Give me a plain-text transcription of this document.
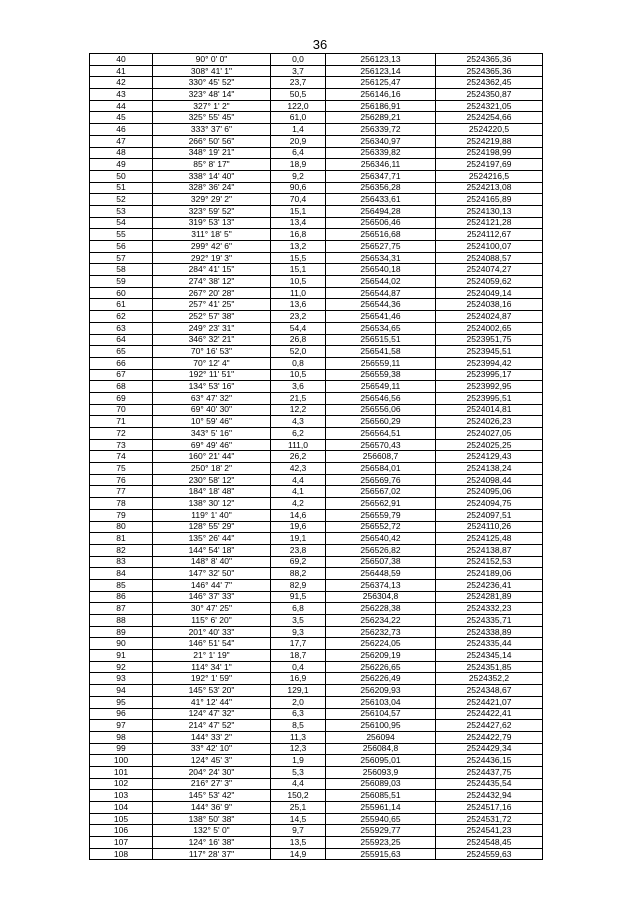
36
40	90° 0' 0"	0,0	256123,13	2524365,36
41	308° 41' 1"	3,7	256123,14	2524365,36
42	330° 45' 52"	23,7	256125,47	2524362,45
43	323° 48' 14"	50,5	256146,16	2524350,87
44	327° 1' 2"	122,0	256186,91	2524321,05
45	325° 55' 45"	61,0	256289,21	2524254,66
46	333° 37' 6"	1,4	256339,72	2524220,5
47	266° 50' 56"	20,9	256340,97	2524219,88
48	348° 19' 21"	6,4	256339,82	2524198,99
49	85° 8' 17"	18,9	256346,11	2524197,69
50	338° 14' 40"	9,2	256347,71	2524216,5
51	328° 36' 24"	90,6	256356,28	2524213,08
52	329° 29' 2"	70,4	256433,61	2524165,89
53	323° 59' 52"	15,1	256494,28	2524130,13
54	319° 53' 13"	13,4	256506,46	2524121,28
55	311° 18' 5"	16,8	256516,68	2524112,67
56	299° 42' 6"	13,2	256527,75	2524100,07
57	292° 19' 3"	15,5	256534,31	2524088,57
58	284° 41' 15"	15,1	256540,18	2524074,27
59	274° 38' 12"	10,5	256544,02	2524059,62
60	267° 20' 28"	11,0	256544,87	2524049,14
61	257° 41' 25"	13,6	256544,36	2524038,16
62	252° 57' 38"	23,2	256541,46	2524024,87
63	249° 23' 31"	54,4	256534,65	2524002,65
64	346° 32' 21"	26,8	256515,51	2523951,75
65	70° 16' 53"	52,0	256541,58	2523945,51
66	70° 12' 4"	0,8	256559,11	2523994,42
67	192° 11' 51"	10,5	256559,38	2523995,17
68	134° 53' 16"	3,6	256549,11	2523992,95
69	63° 47' 32"	21,5	256546,56	2523995,51
70	69° 40' 30"	12,2	256556,06	2524014,81
71	10° 59' 46"	4,3	256560,29	2524026,23
72	343° 5' 16"	6,2	256564,51	2524027,05
73	69° 49' 46"	111,0	256570,43	2524025,25
74	160° 21' 44"	26,2	256608,7	2524129,43
75	250° 18' 2"	42,3	256584,01	2524138,24
76	230° 58' 12"	4,4	256569,76	2524098,44
77	184° 18' 48"	4,1	256567,02	2524095,06
78	138° 30' 12"	4,2	256562,91	2524094,75
79	119° 1' 40"	14,6	256559,79	2524097,51
80	128° 55' 29"	19,6	256552,72	2524110,26
81	135° 26' 44"	19,1	256540,42	2524125,48
82	144° 54' 18"	23,8	256526,82	2524138,87
83	148° 8' 40"	69,2	256507,38	2524152,53
84	147° 32' 50"	88,2	256448,59	2524189,06
85	146° 44' 7"	82,9	256374,13	2524236,41
86	146° 37' 33"	91,5	256304,8	2524281,89
87	30° 47' 25"	6,8	256228,38	2524332,23
88	115° 6' 20"	3,5	256234,22	2524335,71
89	201° 40' 33"	9,3	256232,73	2524338,89
90	146° 51' 54"	17,7	256224,05	2524335,44
91	21° 1' 19"	18,7	256209,19	2524345,14
92	114° 34' 1"	0,4	256226,65	2524351,85
93	192° 1' 59"	16,9	256226,49	2524352,2
94	145° 53' 20"	129,1	256209,93	2524348,67
95	41° 12' 44"	2,0	256103,04	2524421,07
96	124° 47' 32"	6,3	256104,57	2524422,41
97	214° 47' 52"	8,5	256100,95	2524427,62
98	144° 33' 2"	11,3	256094	2524422,79
99	33° 42' 10"	12,3	256084,8	2524429,34
100	124° 45' 3"	1,9	256095,01	2524436,15
101	204° 24' 30"	5,3	256093,9	2524437,75
102	216° 27' 3"	4,4	256089,03	2524435,54
103	145° 53' 42"	150,2	256085,51	2524432,94
104	144° 36' 9"	25,1	255961,14	2524517,16
105	138° 50' 38"	14,5	255940,65	2524531,72
106	132° 5' 0"	9,7	255929,77	2524541,23
107	124° 16' 38"	13,5	255923,25	2524548,45
108	117° 28' 37"	14,9	255915,63	2524559,63
